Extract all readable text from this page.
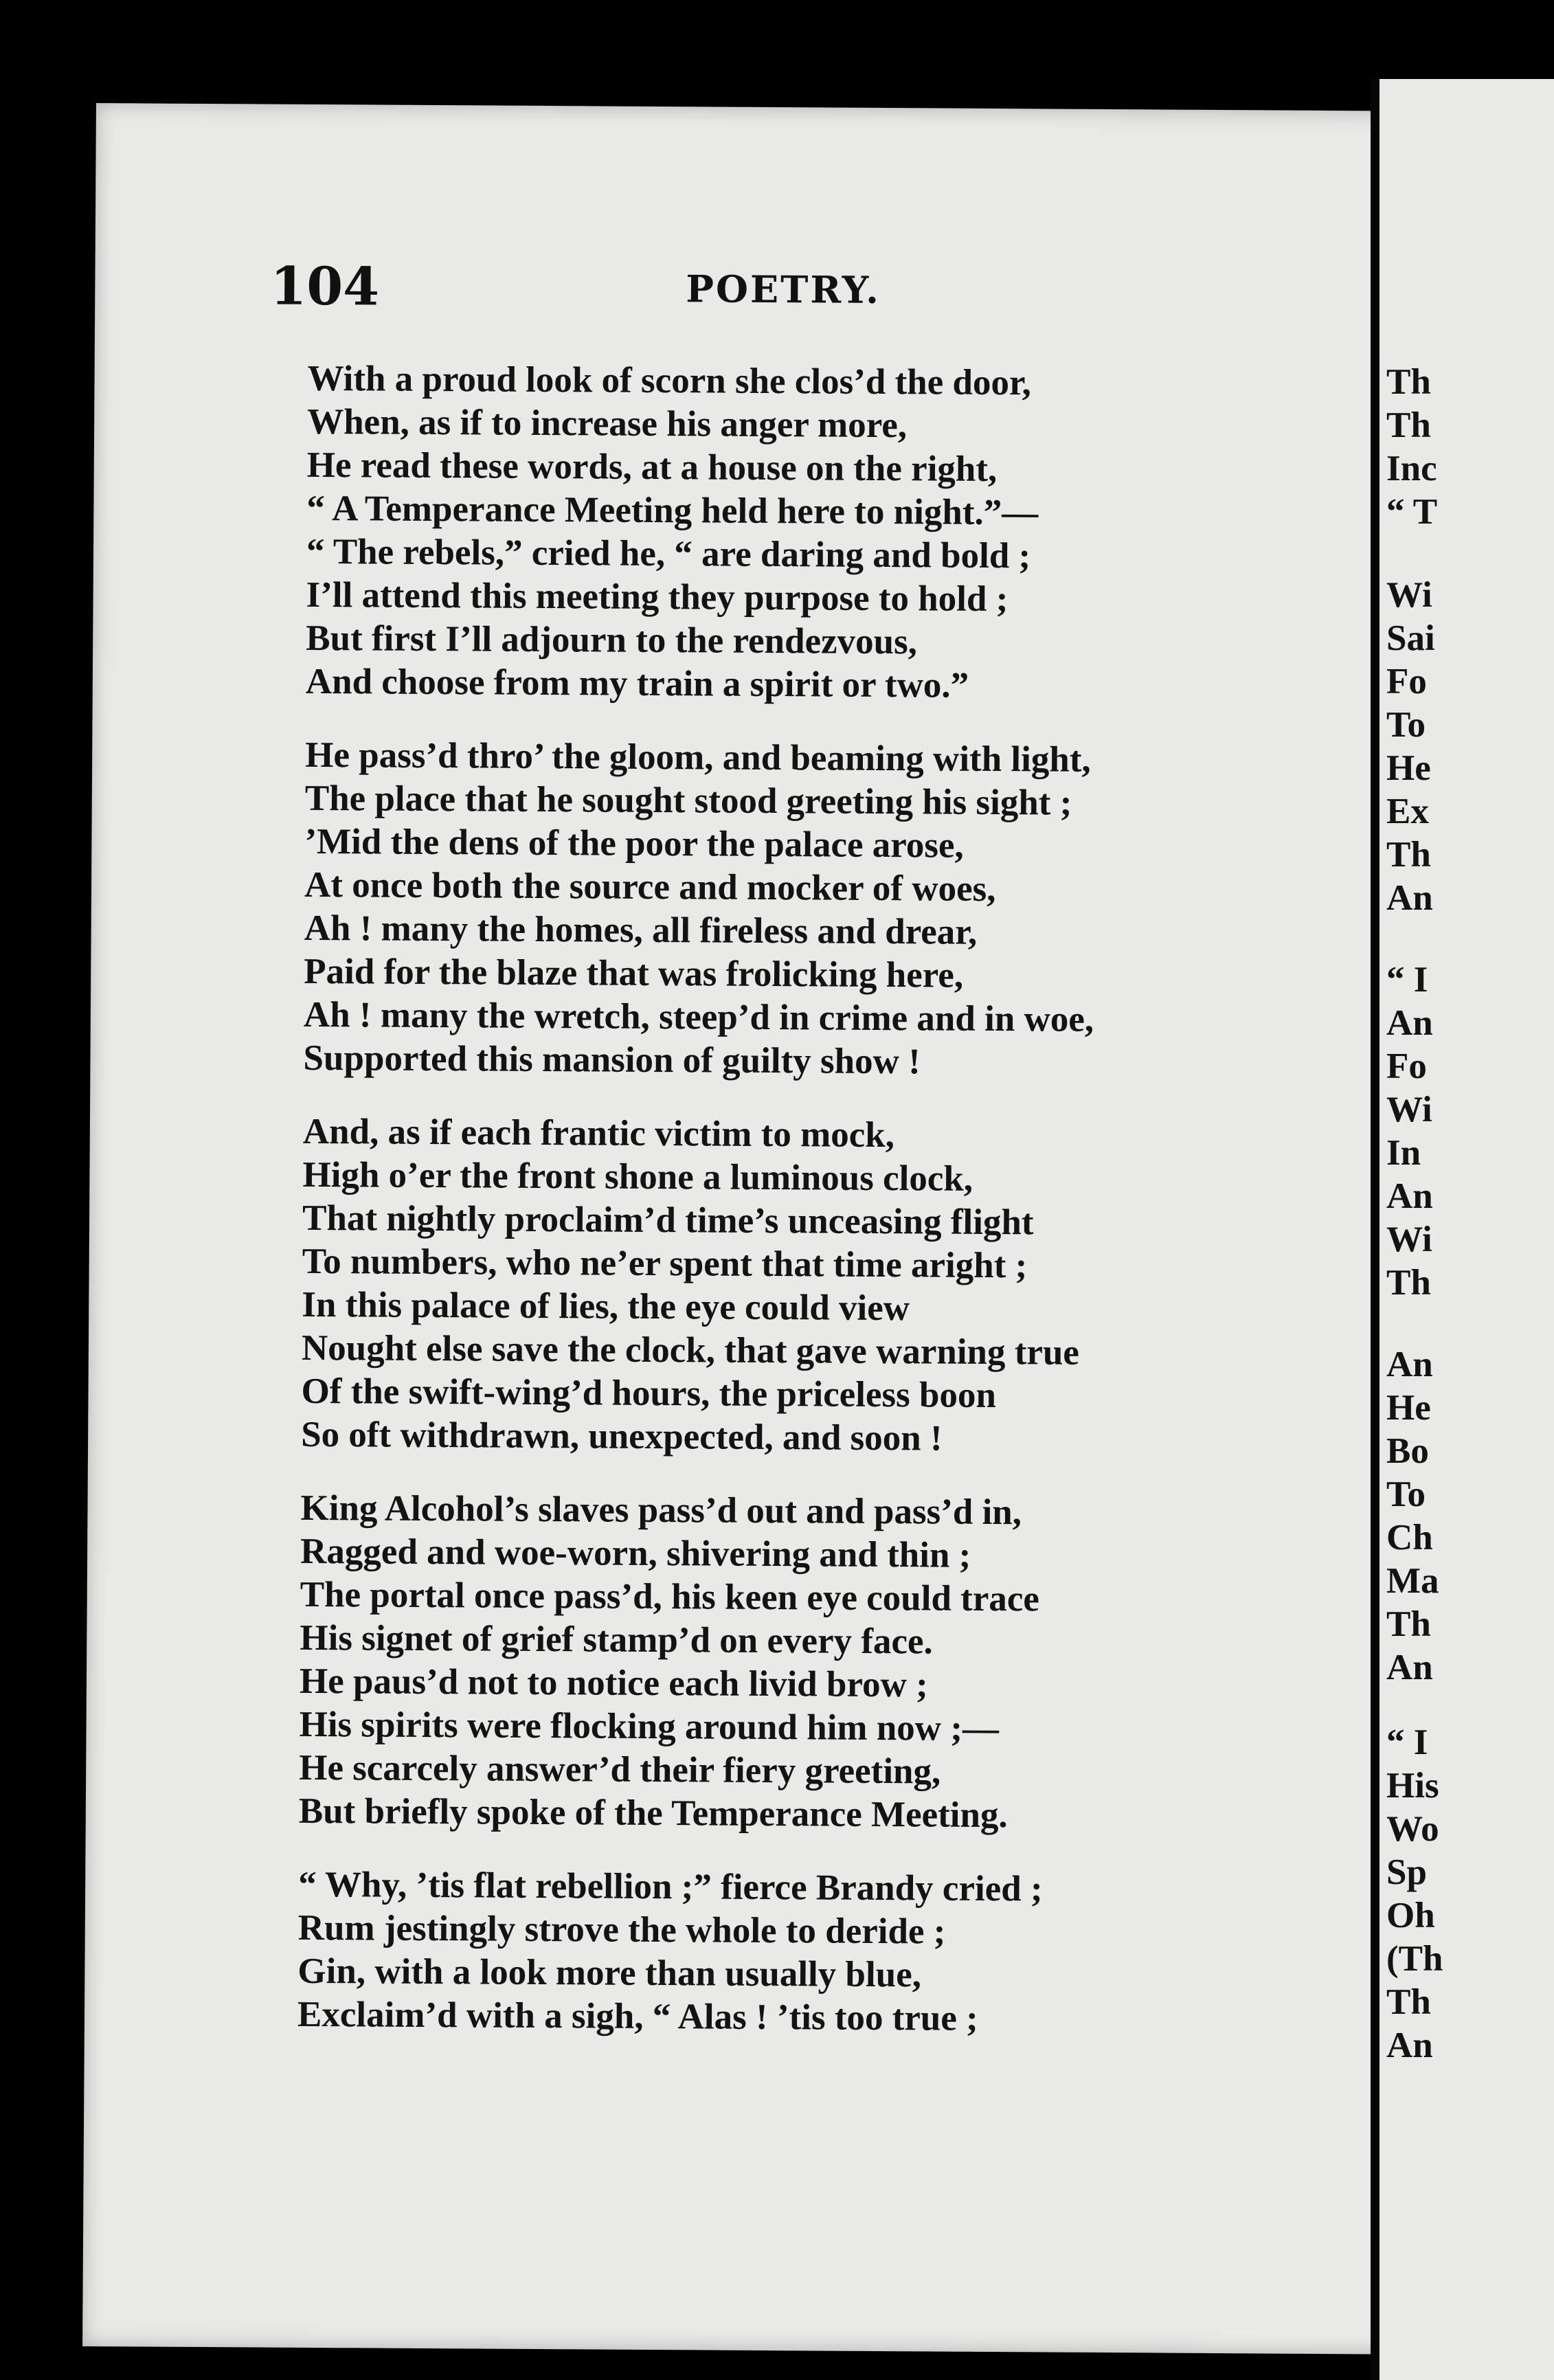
104	POETRY.
With a proud look of scorn she clos’d the door,
When, as if to increase his anger more,
He read these words, at a house on the right,
“ A Temperance Meeting held here to night.”—
“ The rebels,” cried he, “ are daring and bold ;
I’ll attend this meeting they purpose to hold ;
But first I’ll adjourn to the rendezvous,
And choose from my train a spirit or two.”
He pass’d thro’ the gloom, and beaming with light,
The place that he sought stood greeting his sight ;
’Mid the dens of the poor the palace arose,
At once both the source and mocker of woes,
Ah ! many the homes, all fireless and drear,
Paid for the blaze that was frolicking here,
Ah ! many the wretch, steep’d in crime and in woe,
Supported this mansion of guilty show !
And, as if each frantic victim to mock,
High o’er the front shone a luminous clock,
That nightly proclaim’d time’s unceasing flight
To numbers, who ne’er spent that time aright ;
In this palace of lies, the eye could view
Nought else save the clock, that gave warning true
Of the swift-wing’d hours, the priceless boon
So oft withdrawn, unexpected, and soon !
King Alcohol’s slaves pass’d out and pass’d in,
Ragged and woe-worn, shivering and thin ;
The portal once pass’d, his keen eye could trace
His signet of grief stamp’d on every face.
He paus’d not to notice each livid brow ;
His spirits were flocking around him now ;—
He scarcely answer’d their fiery greeting,
But briefly spoke of the Temperance Meeting.
“ Why, ’tis flat rebellion ;” fierce Brandy cried ;
Rum jestingly strove the whole to deride ;
Gin, with a look more than usually blue,
Exclaim’d with a sigh, “ Alas ! ’tis too true ;
Th
Th
Inc
“ T
Wi
Sai
Fo
To
He
Ex
Th
An
“ I
An
Fo
Wi
In
An
Wi
Th
An
He
Bo
To
Ch
Ma
Th
An
“ I
His
Wo
Sp
Oh
(Th
Th
An
